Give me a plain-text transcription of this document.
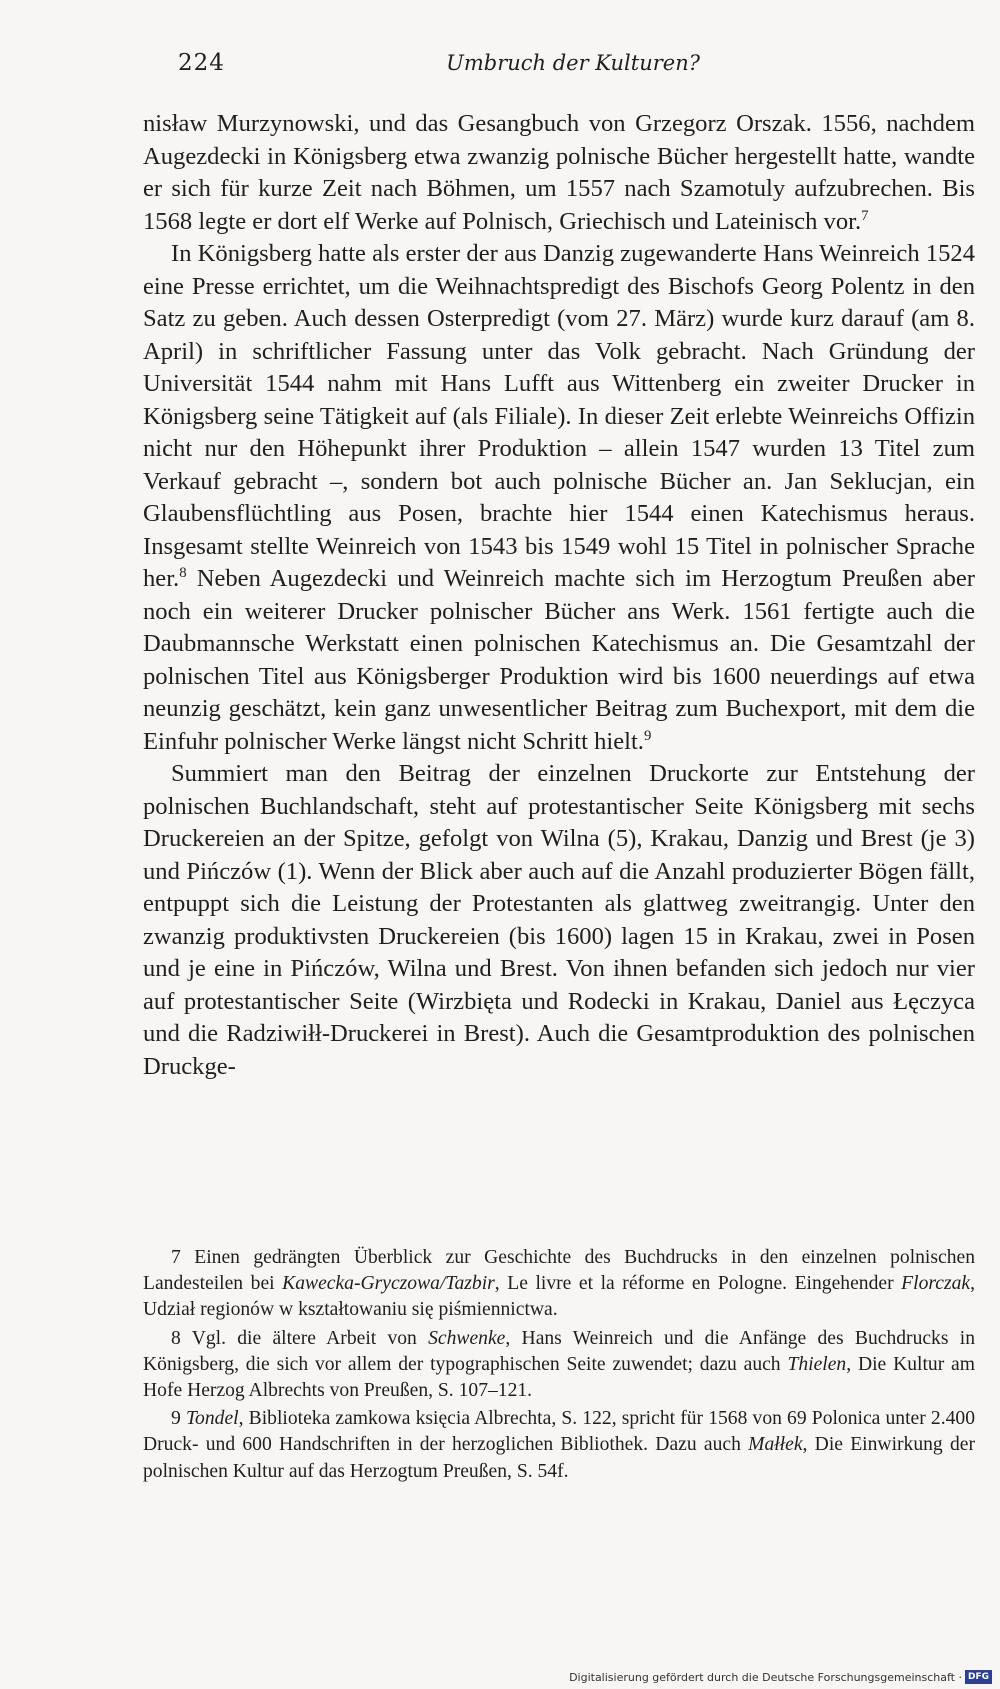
224	Umbruch der Kulturen?

nisław Murzynowski, und das Gesangbuch von Grzegorz Orszak. 1556, nachdem Augezdecki in Königsberg etwa zwanzig polnische Bücher hergestellt hatte, wandte er sich für kurze Zeit nach Böhmen, um 1557 nach Szamotuly aufzubrechen. Bis 1568 legte er dort elf Werke auf Polnisch, Griechisch und Lateinisch vor.$^7$

In Königsberg hatte als erster der aus Danzig zugewanderte Hans Weinreich 1524 eine Presse errichtet, um die Weihnachtspredigt des Bischofs Georg Polentz in den Satz zu geben. Auch dessen Osterpredigt (vom 27. März) wurde kurz darauf (am 8. April) in schriftlicher Fassung unter das Volk gebracht. Nach Gründung der Universität 1544 nahm mit Hans Lufft aus Wittenberg ein zweiter Drucker in Königsberg seine Tätigkeit auf (als Filiale). In dieser Zeit erlebte Weinreichs Offizin nicht nur den Höhepunkt ihrer Produktion – allein 1547 wurden 13 Titel zum Verkauf gebracht –, sondern bot auch polnische Bücher an. Jan Seklucjan, ein Glaubensflüchtling aus Posen, brachte hier 1544 einen Katechismus heraus. Insgesamt stellte Weinreich von 1543 bis 1549 wohl 15 Titel in polnischer Sprache her.$^8$ Neben Augezdecki und Weinreich machte sich im Herzogtum Preußen aber noch ein weiterer Drucker polnischer Bücher ans Werk. 1561 fertigte auch die Daubmannsche Werkstatt einen polnischen Katechismus an. Die Gesamtzahl der polnischen Titel aus Königsberger Produktion wird bis 1600 neuerdings auf etwa neunzig geschätzt, kein ganz unwesentlicher Beitrag zum Buchexport, mit dem die Einfuhr polnischer Werke längst nicht Schritt hielt.$^9$

Summiert man den Beitrag der einzelnen Druckorte zur Entstehung der polnischen Buchlandschaft, steht auf protestantischer Seite Königsberg mit sechs Druckereien an der Spitze, gefolgt von Wilna (5), Krakau, Danzig und Brest (je 3) und Pińczów (1). Wenn der Blick aber auch auf die Anzahl produzierter Bögen fällt, entpuppt sich die Leistung der Protestanten als glattweg zweitrangig. Unter den zwanzig produktivsten Druckereien (bis 1600) lagen 15 in Krakau, zwei in Posen und je eine in Pińczów, Wilna und Brest. Von ihnen befanden sich jedoch nur vier auf protestantischer Seite (Wirzbięta und Rodecki in Krakau, Daniel aus Łęczyca und die Radziwiłł-Druckerei in Brest). Auch die Gesamtproduktion des polnischen Druckge-

7 Einen gedrängten Überblick zur Geschichte des Buchdrucks in den einzelnen polnischen Landesteilen bei Kawecka-Gryczowa/Tazbir, Le livre et la réforme en Pologne. Eingehender Florczak, Udział regionów w kształtowaniu się piśmiennictwa.

8 Vgl. die ältere Arbeit von Schwenke, Hans Weinreich und die Anfänge des Buchdrucks in Königsberg, die sich vor allem der typographischen Seite zuwendet; dazu auch Thielen, Die Kultur am Hofe Herzog Albrechts von Preußen, S. 107–121.

9 Tondel, Biblioteka zamkowa księcia Albrechta, S. 122, spricht für 1568 von 69 Polonica unter 2.400 Druck- und 600 Handschriften in der herzoglichen Bibliothek. Dazu auch Małłek, Die Einwirkung der polnischen Kultur auf das Herzogtum Preußen, S. 54f.

Digitalisierung gefördert durch die Deutsche Forschungsgemeinschaft · DFG
